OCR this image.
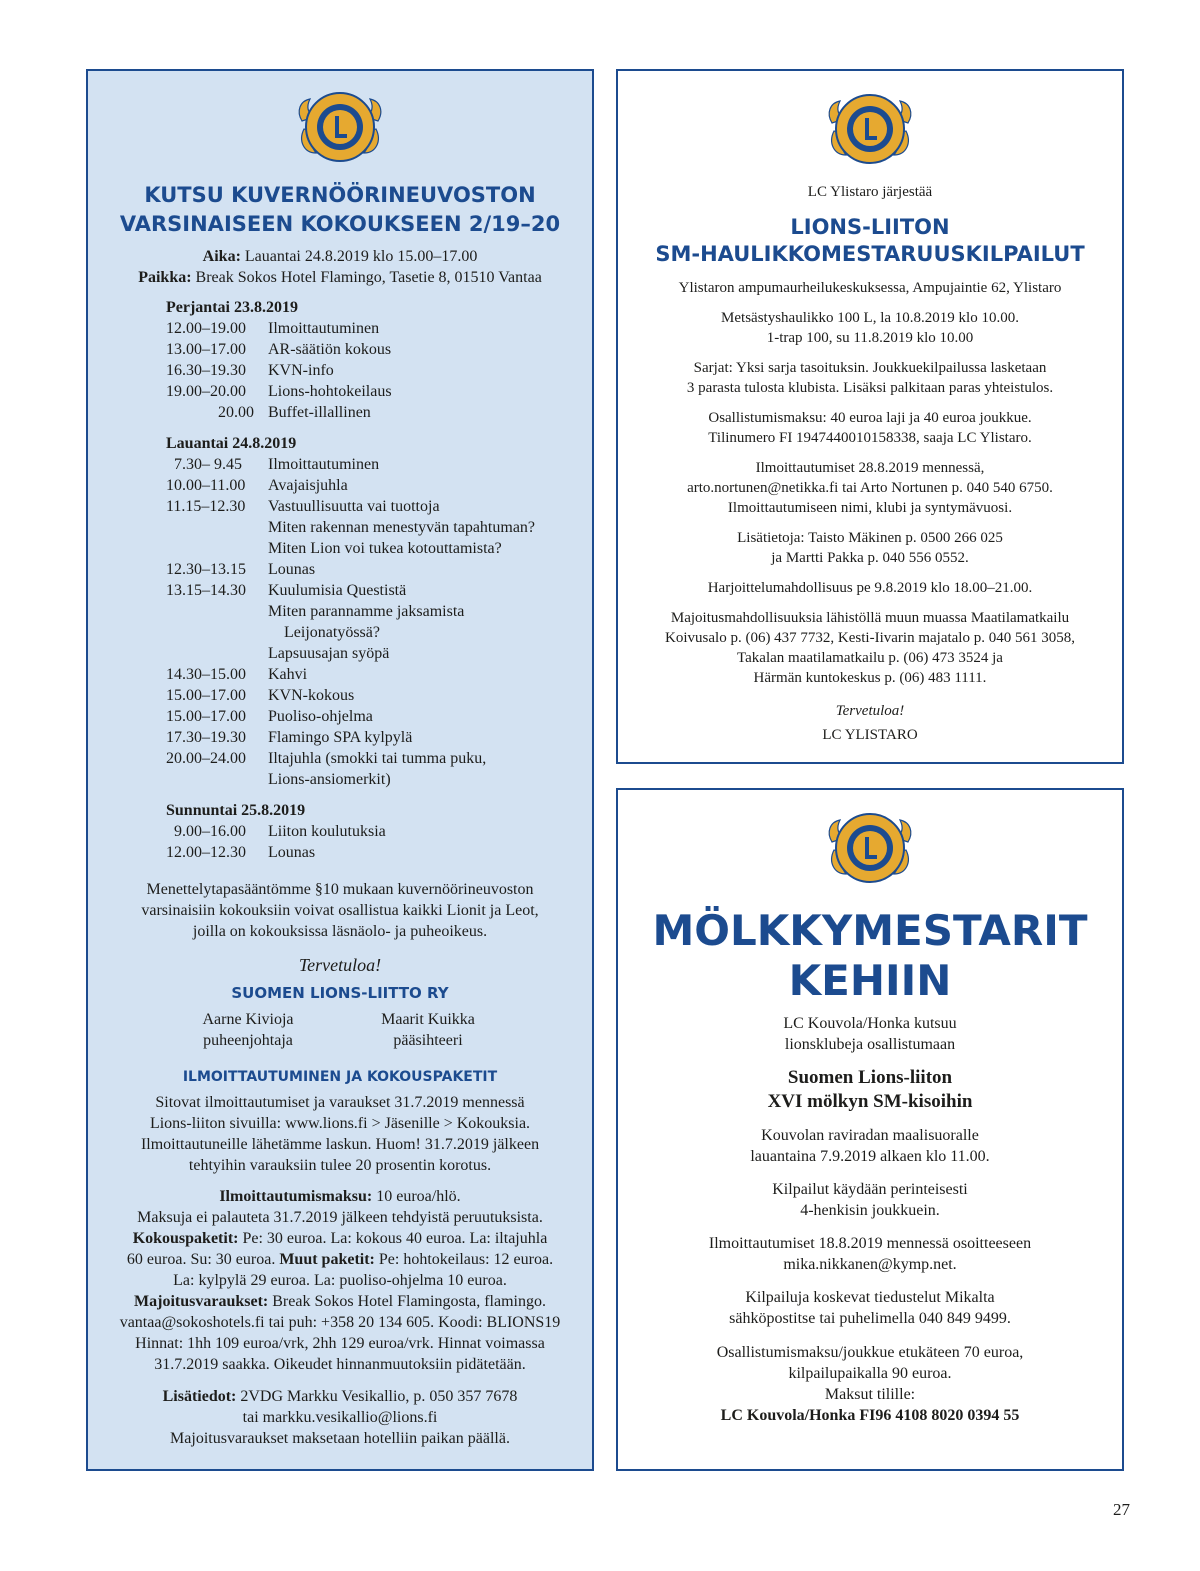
KUTSU KUVERNÖÖRINEUVOSTON
VARSINAISEEN KOKOUKSEEN 2/19–20
Aika: Lauantai 24.8.2019 klo 15.00–17.00
Paikka: Break Sokos Hotel Flamingo, Tasetie 8, 01510 Vantaa
Perjantai 23.8.2019
12.00–19.00	Ilmoittautuminen
13.00–17.00	AR-säätiön kokous
16.30–19.30	KVN-info
19.00–20.00	Lions-hohtokeilaus
20.00 Buffet-illallinen
Lauantai 24.8.2019
7.30– 9.45	Ilmoittautuminen
10.00–11.00	Avajaisjuhla
11.15–12.30	Vastuullisuutta vai tuottoja
Miten rakennan menestyvän tapahtuman?
Miten Lion voi tukea kotouttamista?
12.30–13.15	Lounas
13.15–14.30	Kuulumisia Questistä
Miten parannamme jaksamista
Leijonatyössä?
Lapsuusajan syöpä
14.30–15.00	Kahvi
15.00–17.00	KVN-kokous
15.00–17.00	Puoliso-ohjelma
17.30–19.30	Flamingo SPA kylpylä
20.00–24.00	Iltajuhla (smokki tai tumma puku,
Lions-ansiomerkit)
Sunnuntai 25.8.2019
9.00–16.00	Liiton koulutuksia
12.00–12.30	Lounas
Menettelytapasääntömme §10 mukaan kuvernöörineuvoston
varsinaisiin kokouksiin voivat osallistua kaikki Lionit ja Leot,
joilla on kokouksissa läsnäolo- ja puheoikeus.
Tervetuloa!
SUOMEN LIONS-LIITTO RY
Aarne Kivioja
puheenjohtaja
Maarit Kuikka
pääsihteeri
ILMOITTAUTUMINEN JA KOKOUSPAKETIT
Sitovat ilmoittautumiset ja varaukset 31.7.2019 mennessä
Lions-liiton sivuilla: www.lions.fi > Jäsenille > Kokouksia.
Ilmoittautuneille lähetämme laskun. Huom! 31.7.2019 jälkeen
tehtyihin varauksiin tulee 20 prosentin korotus.
Ilmoittautumismaksu: 10 euroa/hlö.
Maksuja ei palauteta 31.7.2019 jälkeen tehdyistä peruutuksista.
Kokouspaketit: Pe: 30 euroa. La: kokous 40 euroa. La: iltajuhla
60 euroa. Su: 30 euroa. Muut paketit: Pe: hohtokeilaus: 12 euroa.
La: kylpylä 29 euroa. La: puoliso-ohjelma 10 euroa.
Majoitusvaraukset: Break Sokos Hotel Flamingosta, flamingo.
vantaa@sokoshotels.fi tai puh: +358 20 134 605. Koodi: BLIONS19
Hinnat: 1hh 109 euroa/vrk, 2hh 129 euroa/vrk. Hinnat voimassa
31.7.2019 saakka. Oikeudet hinnanmuutoksiin pidätetään.
Lisätiedot: 2VDG Markku Vesikallio, p. 050 357 7678
tai markku.vesikallio@lions.fi
Majoitusvaraukset maksetaan hotelliin paikan päällä.
LC Ylistaro järjestää
LIONS-LIITON
SM-HAULIKKOMESTARUUSKILPAILUT
Ylistaron ampumaurheilukeskuksessa, Ampujaintie 62, Ylistaro
Metsästyshaulikko 100 L, la 10.8.2019 klo 10.00.
1-trap 100, su 11.8.2019 klo 10.00
Sarjat: Yksi sarja tasoituksin. Joukkuekilpailussa lasketaan
3 parasta tulosta klubista. Lisäksi palkitaan paras yhteistulos.
Osallistumismaksu: 40 euroa laji ja 40 euroa joukkue.
Tilinumero FI 1947440010158338, saaja LC Ylistaro.
Ilmoittautumiset 28.8.2019 mennessä,
arto.nortunen@netikka.fi tai Arto Nortunen p. 040 540 6750.
Ilmoittautumiseen nimi, klubi ja syntymävuosi.
Lisätietoja: Taisto Mäkinen p. 0500 266 025
ja Martti Pakka p. 040 556 0552.
Harjoittelumahdollisuus pe 9.8.2019 klo 18.00–21.00.
Majoitusmahdollisuuksia lähistöllä muun muassa Maatilamatkailu
Koivusalo p. (06) 437 7732, Kesti-Iivarin majatalo p. 040 561 3058,
Takalan maatilamatkailu p. (06) 473 3524 ja
Härmän kuntokeskus p. (06) 483 1111.
Tervetuloa!
LC YLISTARO
MÖLKKYMESTARIT
KEHIIN
LC Kouvola/Honka kutsuu
lionsklubeja osallistumaan
Suomen Lions-liiton
XVI mölkyn SM-kisoihin
Kouvolan raviradan maalisuoralle
lauantaina 7.9.2019 alkaen klo 11.00.
Kilpailut käydään perinteisesti
4-henkisin joukkuein.
Ilmoittautumiset 18.8.2019 mennessä osoitteeseen
mika.nikkanen@kymp.net.
Kilpailuja koskevat tiedustelut Mikalta
sähköpostitse tai puhelimella 040 849 9499.
Osallistumismaksu/joukkue etukäteen 70 euroa,
kilpailupaikalla 90 euroa.
Maksut tilille:
LC Kouvola/Honka FI96 4108 8020 0394 55
27
